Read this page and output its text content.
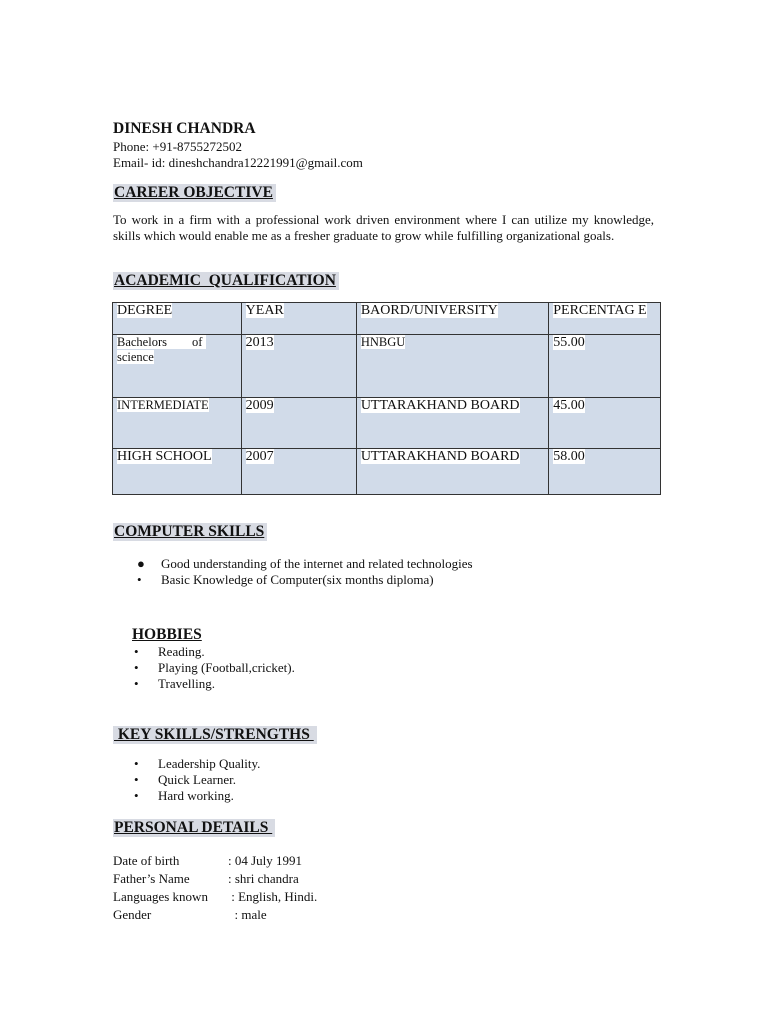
DINESH CHANDRA
Phone: +91-8755272502
Email- id: dineshchandra12221991@gmail.com
CAREER OBJECTIVE
To work in a firm with a professional work driven environment where I can utilize my knowledge, skills which would enable me as a fresher graduate to grow while fulfilling organizational goals.
ACADEMIC  QUALIFICATION
DEGREE	YEAR	BAORD/UNIVERSITY	PERCENTAG E
Bachelors        of science	2013	HNBGU	55.00
INTERMEDIATE	2009	UTTARAKHAND BOARD	45.00
HIGH SCHOOL	2007	UTTARAKHAND BOARD	58.00
COMPUTER SKILLS
● Good understanding of the internet and related technologies
• Basic Knowledge of Computer(six months diploma)
HOBBIES
• Reading.
• Playing (Football,cricket).
• Travelling.
KEY SKILLS/STRENGTHS
• Leadership Quality.
• Quick Learner.
• Hard working.
PERSONAL DETAILS
Date of birth	: 04 July 1991
Father’s Name	: shri chandra
Languages known	: English, Hindi.
Gender	: male
